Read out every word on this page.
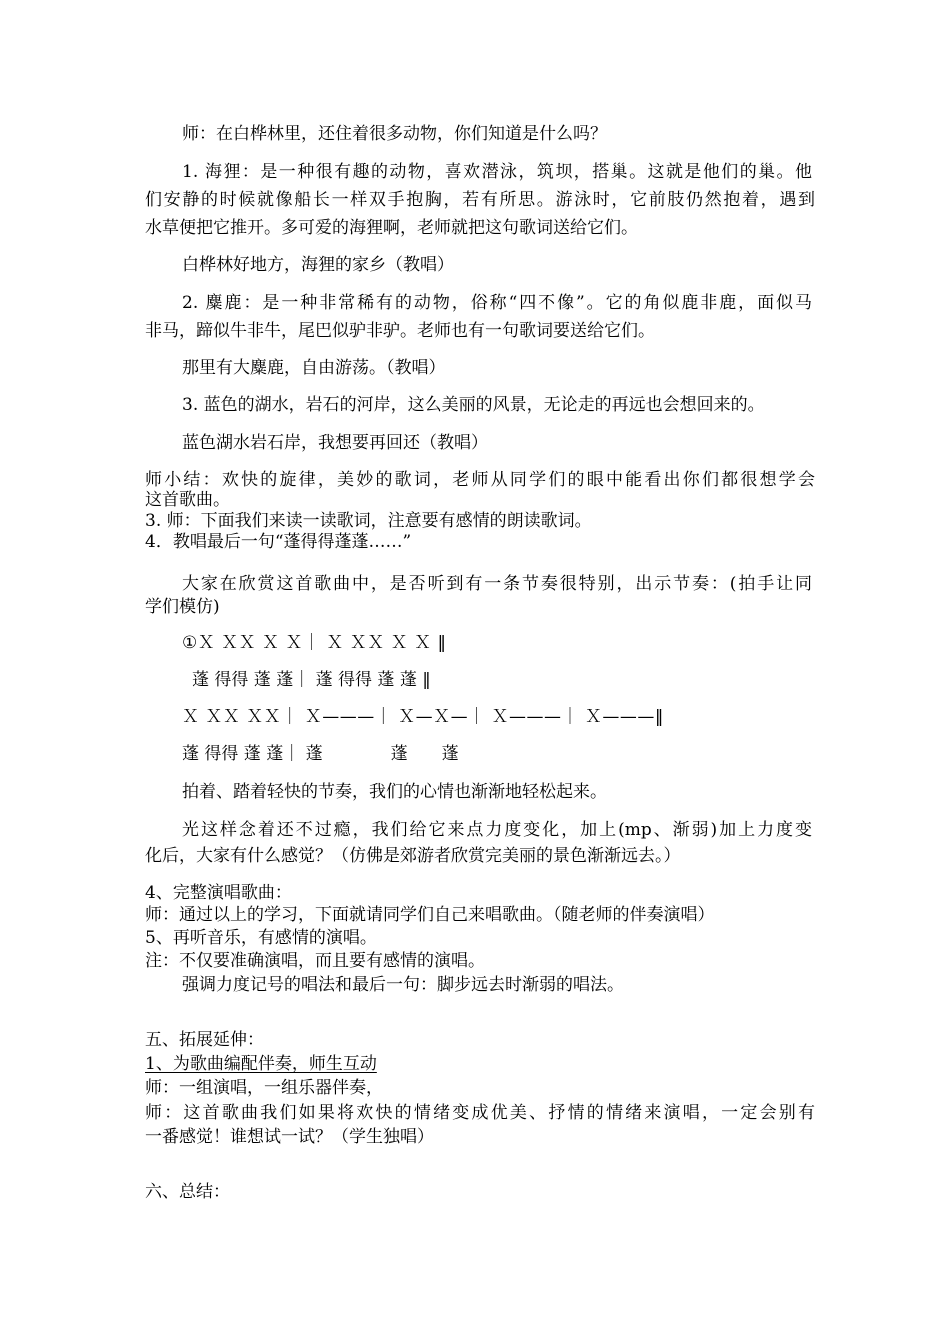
师：在白桦林里，还住着很多动物，你们知道是什么吗？
1. 海狸：是一种很有趣的动物，喜欢潜泳，筑坝，搭巢。这就是他们的巢。他
们安静的时候就像船长一样双手抱胸，若有所思。游泳时，它前肢仍然抱着，遇到
水草便把它推开。多可爱的海狸啊，老师就把这句歌词送给它们。
白桦林好地方，海狸的家乡（教唱）
2. 麋鹿：是一种非常稀有的动物，俗称“四不像”。它的角似鹿非鹿，面似马
非马，蹄似牛非牛，尾巴似驴非驴。老师也有一句歌词要送给它们。
那里有大麋鹿，自由游荡。（教唱）
3. 蓝色的湖水，岩石的河岸，这么美丽的风景，无论走的再远也会想回来的。
蓝色湖水岩石岸，我想要再回还（教唱）
师小结：欢快的旋律，美妙的歌词，老师从同学们的眼中能看出你们都很想学会
这首歌曲。
3. 师：下面我们来读一读歌词，注意要有感情的朗读歌词。
4．教唱最后一句“蓬得得蓬蓬……”
大家在欣赏这首歌曲中，是否听到有一条节奏很特别，出示节奏：(拍手让同
学们模仿)
①Ｘ ＸＸ Ｘ Ｘ｜ Ｘ ＸＸ Ｘ Ｘ ‖
蓬 得得 蓬 蓬｜ 蓬 得得 蓬 蓬 ‖
Ｘ ＸＸ ＸＸ｜ Ｘ———｜ Ｘ—Ｘ—｜ Ｘ———｜ Ｘ———‖
蓬 得得 蓬 蓬｜ 蓬　　　　蓬　　蓬
拍着、踏着轻快的节奏，我们的心情也渐渐地轻松起来。
光这样念着还不过瘾，我们给它来点力度变化，加上(mp、渐弱)加上力度变
化后，大家有什么感觉？（仿佛是郊游者欣赏完美丽的景色渐渐远去。）
4、完整演唱歌曲：
师：通过以上的学习，下面就请同学们自己来唱歌曲。（随老师的伴奏演唱）
5、再听音乐，有感情的演唱。
注：不仅要准确演唱，而且要有感情的演唱。
强调力度记号的唱法和最后一句：脚步远去时渐弱的唱法。
五、拓展延伸：
1、为歌曲编配伴奏，师生互动
师：一组演唱，一组乐器伴奏，
师：这首歌曲我们如果将欢快的情绪变成优美、抒情的情绪来演唱，一定会别有
一番感觉！谁想试一试？（学生独唱）
六、总结：
